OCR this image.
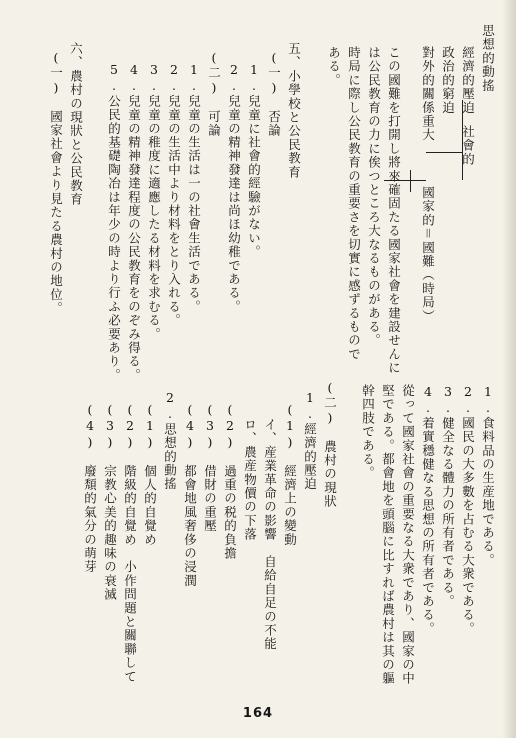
思想的動搖
經濟的壓迫
政治的窮迫
對外的關係重大
社會的
國家的＝國難（時局）
この國難を打開し將來確固たる國家社會を建設せんに
は公民教育の力に俟つところ大なるものがある。
時局に際し公民教育の重要さを切實に感ずるもので
ある。
五、小學校と公民教育
(一)　否論
1.兒童に社會的經驗がない。
2.兒童の精神發達は尚ほ幼稚である。
(二)　可論
1.兒童の生活は一の社會生活である。
2.兒童の生活中より材料をとり入れる。
3.兒童の稚度に適應したる材料を求むる。
4.兒童の精神發達程度の公民教育をのぞみ得る。
5.公民的基礎陶冶は年少の時より行ふ必要あり。
六、農村の現狀と公民教育
(一)　國家社會より見たる農村の地位。
1.食料品の生産地である。
2.國民の大多數を占むる大衆である。
3.健全なる體力の所有者である。
4.着實穩健なる思想の所有者である。
從って國家社會の重要なる大衆であり、國家の中
堅である。都會地を頭腦に比すれば農村は其の軀
幹四肢である。
(二)　農村の現狀
1.經濟的壓迫
(1)　經濟上の變動
イ、産業革命の影響　自給自足の不能
ロ、農産物價の下落
(2)　過重の税的負擔
(3)　借財の重壓
(4)　都會地風奢侈の浸潤
2.思想的動搖
(1)　個人的自覺め
(2)　階級的自覺め　小作問題と關聯して
(3)　宗教心美的趣味の衰滅
(4)　廢頽的氣分の萌芽
164
